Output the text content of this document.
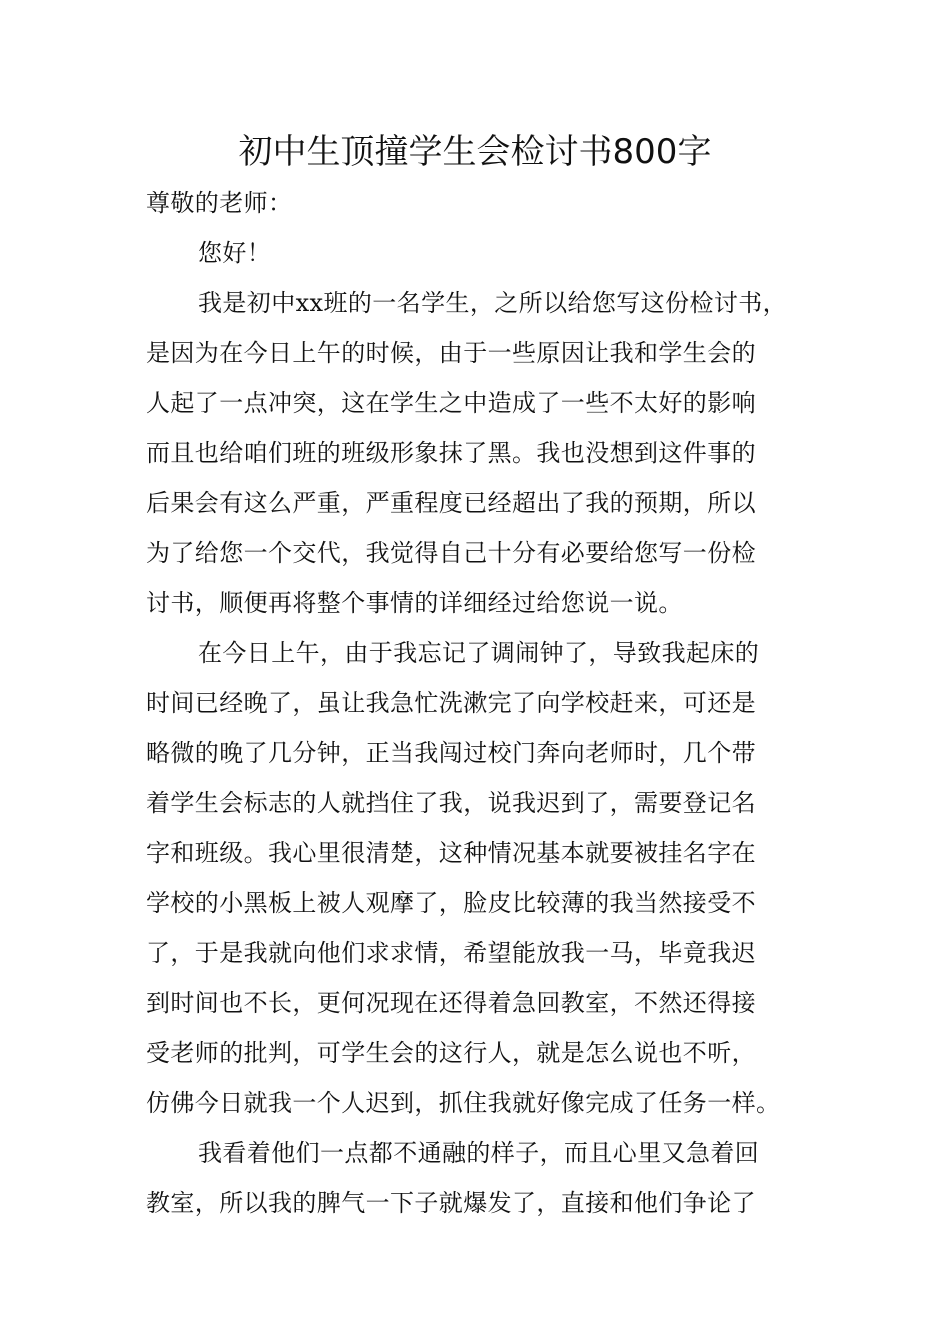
初中生顶撞学生会检讨书800字
尊敬的老师：
您好！
我是初中xx班的一名学生，之所以给您写这份检讨书，
是因为在今日上午的时候，由于一些原因让我和学生会的
人起了一点冲突，这在学生之中造成了一些不太好的影响
而且也给咱们班的班级形象抹了黑。我也没想到这件事的
后果会有这么严重，严重程度已经超出了我的预期，所以
为了给您一个交代，我觉得自己十分有必要给您写一份检
讨书，顺便再将整个事情的详细经过给您说一说。
在今日上午，由于我忘记了调闹钟了，导致我起床的
时间已经晚了，虽让我急忙洗漱完了向学校赶来，可还是
略微的晚了几分钟，正当我闯过校门奔向老师时，几个带
着学生会标志的人就挡住了我，说我迟到了，需要登记名
字和班级。我心里很清楚，这种情况基本就要被挂名字在
学校的小黑板上被人观摩了，脸皮比较薄的我当然接受不
了，于是我就向他们求求情，希望能放我一马，毕竟我迟
到时间也不长，更何况现在还得着急回教室，不然还得接
受老师的批判，可学生会的这行人，就是怎么说也不听，
仿佛今日就我一个人迟到，抓住我就好像完成了任务一样。
我看着他们一点都不通融的样子，而且心里又急着回
教室，所以我的脾气一下子就爆发了，直接和他们争论了
